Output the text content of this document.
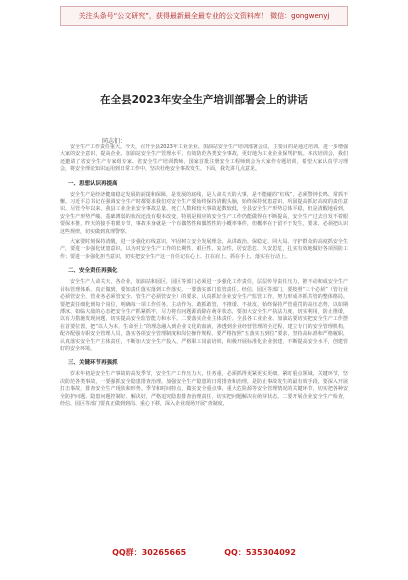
关注头条号“公文研究”，获得最新最全最专业的公文资料库！ 微信：gongwenyj
在全县2023年安全生产培训部署会上的讲话
同志们：

安全生产工作责任重大。今天，召开全县2023年工业企业、加油站安全生产培训部署会议，主要目的是通过培训，进一步增强大家的安全意识，提高企业、加油站安全生产管理水平，有效防范各类安全事故，更好地为工业企业保驾护航。本次培训会，我们还邀请了省安全生产专家组专家、省安全生产培训教师、国家首批注册安全工程师到会为大家作专题培训，希望大家认真学习理会，将安全理论知识运用到日常工作中，坚决杜绝安全事故发生。下面，我先讲几点意见。

一、思想认识再提高

安全生产是经济健康稳定发展的前提和保障，是发展的底线，是人命关天的大事，是不能碰的“红线”，必须警钟长鸣、常抓不懈。习近平总书记在强调安全生产时都要求我们对安全生产要始终保持清醒头脑，始终保持忧患意识，巩固提高抓好高度的责任意识。尽管今年以来，我县工业企业安全事故总量、死亡人数和较大事故起数较低，全县安全生产形势总体平稳，但是清醒地看到，安全生产形势严峻，基础薄弱的状况还没有根本改变，特别是相应的安全生产工作仍能做得在不断提高，安全生产过去自发不着眼要保本推，昨天的接手着眼专节，事故本身就是一个有偶然性和偶然性的小概率事件，但概率在于留不于发生，要求，必须把认识这些规律，切实做到真理警察。

大家要时刻保持清醒，进一步强化红线意识，牢固树立安全发展理念，从讲政治、保稳定、同大局、守护群众的高度抓安全生产，要进一步强化忧患意识，以为对安全生产工作的长期性、艰巨性、复杂性，居安思危、久安思危，扎实有效地做好各项预防工作；要进一步强化担当意识，切实把安全生产这一自任记在心上、扛在肩上、抓在手上，落实在行动上。

二、安全责任再强化

安全生产人命关天，各企业，加油站和园区，园区等部门必须进一步强化工作责任，层层传导责任压力，推不动和成安全生产目标管理体系，真正做到，要知责任落实落到工作落实。一要落实部门监管责任。经信、园区等部门，要按照“三个必须”（管行业必须管安全、管业务必须管安全、管生产必须管安全）的要求，认真抓好企业安全生产监管工作，努力形成齐抓共管的整体格局。要把责任细化到每个岗位，明确每一项工作任务、主动作为、敢抓敢管，不推诿、不扯皮，始终保持严管重罚的高压态势，以如期薄冰、如临大敌的心态把安全生产抓紧抓牢，尽力将有问题源消除在萌芽状态，要加大安全生产执法力度，切实利用，防止推诿，以有力措施发现问题，切实提高安全监管能力和水平。二要落实企业主体责任。全县各工业企业、加油站要切实把安全生产工作摆在首要位置，把“以人为本，生命至上”的理念融入到企业文化的血液，渗透到企业经营管理的全过程，建立专门的安全管理机构，配齐配强专职安全管理人员，落实各项安全管理制度和岗位操作规程。要严格按照“五落实五到位”要求，坚持高标准和严格履职，认真落实安全生产主体责任，不断加大安全生产投入，严格职工岗前培训，积极开展标准化企业创建，不断提高安全水平，创建管好的安全环境。

三、关键环节再强抓

岁末年初是安全生产事故的高发季节，安全生产工作压力大，任务重，必须抓得更紧更实更细，紧盯重点领域、关键环节，坚决防范各类事故，一要强抓安全隐患排查治理。加强安全生产隐患的日常排查和治理，是防止事故发生的最有效手段。要深入开展打击事故，排查安全生产现状和形势。季节和时间特点，做实安全重点事，重大危险源等安全管理情况的关键环节，切实把各种安全防护问题、隐患问题控制好、解决好，严格追究隐患排查治理责任，切实把问题解决在萌芽状态。二要开展企业安全生产检查，经信、园区等部门要真正做到到岗、重心下移，深入企业现场开展“查制度、

QQ群：30265665	QQ：535304092
